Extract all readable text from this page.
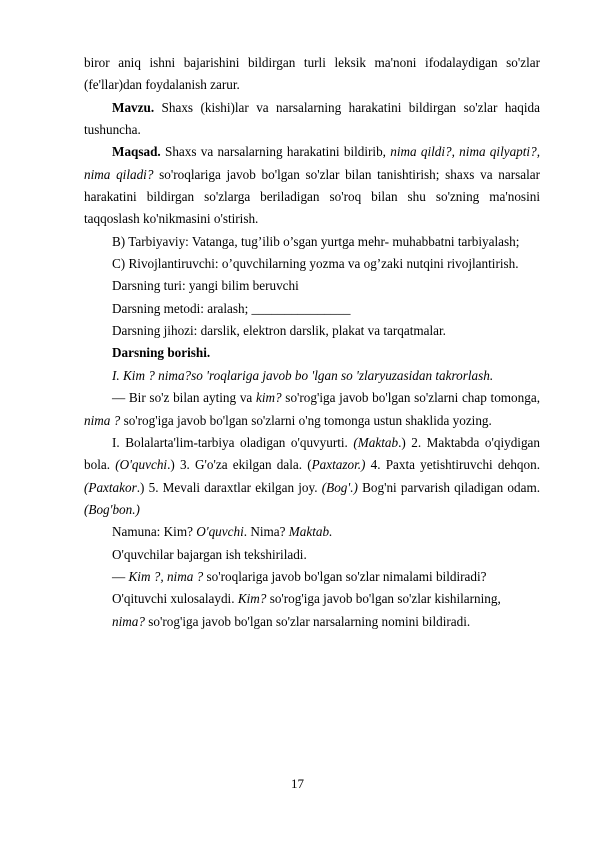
biror aniq ishni bajarishini bildirgan turli leksik ma'noni ifodalaydigan so'zlar (fe'llar)dan foydalanish zarur.

Mavzu. Shaxs (kishi)lar va narsalarning harakatini bildirgan so'zlar haqida tushuncha.

Maqsad. Shaxs va narsalarning harakatini bildirib, nima qildi?, nima qilyapti?, nima qiladi? so'roqlariga javob bo'lgan so'zlar bilan tanishtirish; shaxs va narsalar harakatini bildirgan so'zlarga beriladigan so'roq bilan shu so'zning ma'nosini taqqoslash ko'nikmasini o'stirish.

B) Tarbiyaviy: Vatanga, tug’ilib o’sgan yurtga mehr- muhabbatni tarbiyalash;

C) Rivojlantiruvchi: o’quvchilarning yozma va og’zaki nutqini rivojlantirish.

Darsning turi: yangi bilim beruvchi

Darsning metodi: aralash; _______________

Darsning jihozi: darslik, elektron darslik, plakat va tarqatmalar.

Darsning borishi.

I. Kim ? nima?so 'roqlariga javob bo 'lgan so 'zlaryuzasidan takrorlash.

— Bir so'z bilan ayting va kim? so'rog'iga javob bo'lgan so'zlarni chap tomonga, nima ? so'rog'iga javob bo'lgan so'zlarni o'ng tomonga ustun shaklida yozing.

I. Bolalarta'lim-tarbiya oladigan o'quvyurti. (Maktab.) 2. Maktabda o'qiydigan bola. (O'quvchi.) 3. G'o'za ekilgan dala. (Paxtazor.) 4. Paxta yetishtiruvchi dehqon. (Paxtakor.) 5. Mevali daraxtlar ekilgan joy. (Bog'.) Bog'ni parvarish qiladigan odam. (Bog'bon.)

Namuna: Kim? O'quvchi. Nima? Maktab.

O'quvchilar bajargan ish tekshiriladi.

— Kim ?, nima ? so'roqlariga javob bo'lgan so'zlar nimalami bildiradi?

O'qituvchi xulosalaydi. Kim? so'rog'iga javob bo'lgan so'zlar kishilarning,

nima? so'rog'iga javob bo'lgan so'zlar narsalarning nomini bildiradi.

17
